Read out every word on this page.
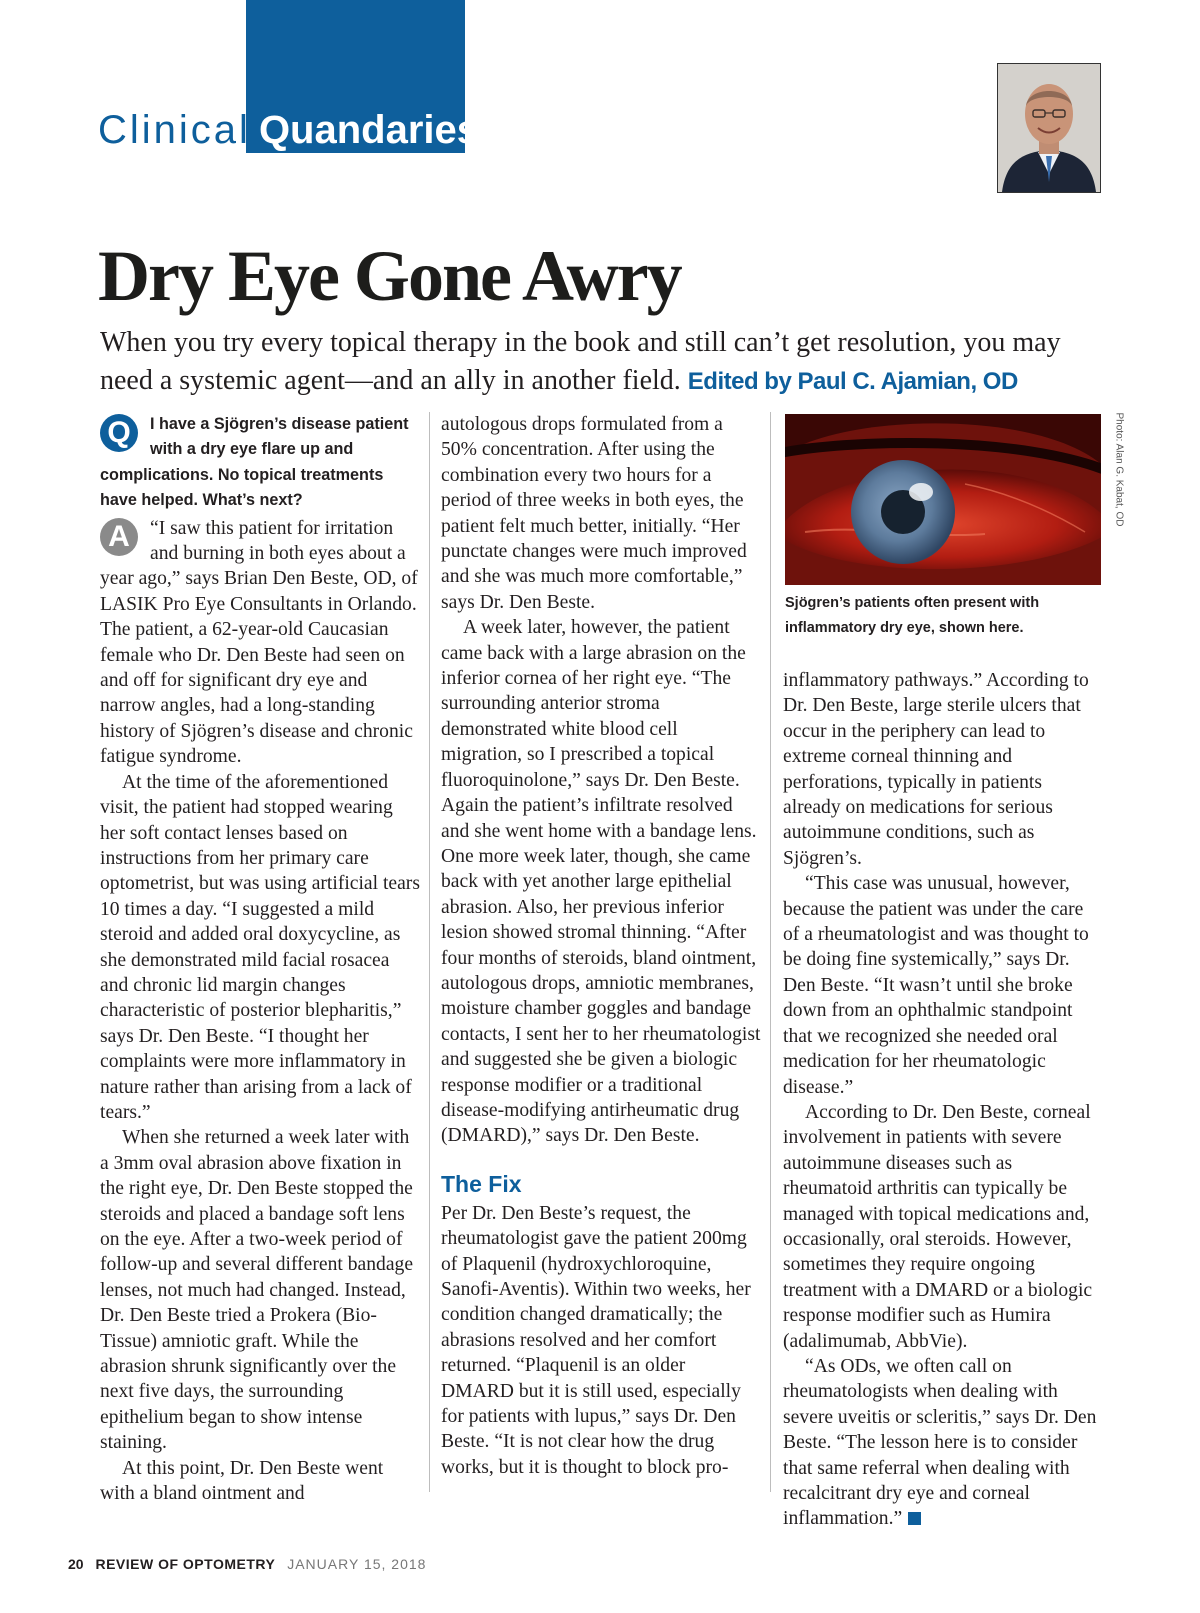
Clinical Quandaries
Dry Eye Gone Awry

When you try every topical therapy in the book and still can’t get resolution, you may need a systemic agent—and an ally in another field. Edited by Paul C. Ajamian, OD

Q	I have a Sjögren’s disease patient with a dry eye flare up and complications. No topical treatments have helped. What’s next?

A	“I saw this patient for irritation and burning in both eyes about a year ago,” says Brian Den Beste, OD, of LASIK Pro Eye Consultants in Orlando. The patient, a 62-year-old Caucasian female who Dr. Den Beste had seen on and off for significant dry eye and narrow angles, had a long-standing history of Sjögren’s disease and chronic fatigue syndrome.

At the time of the aforementioned visit, the patient had stopped wearing her soft contact lenses based on instructions from her primary care optometrist, but was using artificial tears 10 times a day. “I suggested a mild steroid and added oral doxycycline, as she demonstrated mild facial rosacea and chronic lid margin changes characteristic of posterior blepharitis,” says Dr. Den Beste. “I thought her complaints were more inflammatory in nature rather than arising from a lack of tears.”

When she returned a week later with a 3mm oval abrasion above fixation in the right eye, Dr. Den Beste stopped the steroids and placed a bandage soft lens on the eye. After a two-week period of follow-up and several different bandage lenses, not much had changed. Instead, Dr. Den Beste tried a Prokera (Bio-Tissue) amniotic graft. While the abrasion shrunk significantly over the next five days, the surrounding epithelium began to show intense staining.

At this point, Dr. Den Beste went with a bland ointment and

autologous drops formulated from a 50% concentration. After using the combination every two hours for a period of three weeks in both eyes, the patient felt much better, initially. “Her punctate changes were much improved and she was much more comfortable,” says Dr. Den Beste.

A week later, however, the patient came back with a large abrasion on the inferior cornea of her right eye. “The surrounding anterior stroma demonstrated white blood cell migration, so I prescribed a topical fluoroquinolone,” says Dr. Den Beste. Again the patient’s infiltrate resolved and she went home with a bandage lens. One more week later, though, she came back with yet another large epithelial abrasion. Also, her previous inferior lesion showed stromal thinning. “After four months of steroids, bland ointment, autologous drops, amniotic membranes, moisture chamber goggles and bandage contacts, I sent her to her rheumatologist and suggested she be given a biologic response modifier or a traditional disease-modifying antirheumatic drug (DMARD),” says Dr. Den Beste.

The Fix

Per Dr. Den Beste’s request, the rheumatologist gave the patient 200mg of Plaquenil (hydroxychloroquine, Sanofi-Aventis). Within two weeks, her condition changed dramatically; the abrasions resolved and her comfort returned. “Plaquenil is an older DMARD but it is still used, especially for patients with lupus,” says Dr. Den Beste. “It is not clear how the drug works, but it is thought to block pro-

Photo: Alan G. Kabat, OD

Sjögren’s patients often present with inflammatory dry eye, shown here.

inflammatory pathways.” According to Dr. Den Beste, large sterile ulcers that occur in the periphery can lead to extreme corneal thinning and perforations, typically in patients already on medications for serious autoimmune conditions, such as Sjögren’s.

“This case was unusual, however, because the patient was under the care of a rheumatologist and was thought to be doing fine systemically,” says Dr. Den Beste. “It wasn’t until she broke down from an ophthalmic standpoint that we recognized she needed oral medication for her rheumatologic disease.”

According to Dr. Den Beste, corneal involvement in patients with severe autoimmune diseases such as rheumatoid arthritis can typically be managed with topical medications and, occasionally, oral steroids. However, sometimes they require ongoing treatment with a DMARD or a biologic response modifier such as Humira (adalimumab, AbbVie).

“As ODs, we often call on rheumatologists when dealing with severe uveitis or scleritis,” says Dr. Den Beste. “The lesson here is to consider that same referral when dealing with recalcitrant dry eye and corneal inflammation.”

20 REVIEW OF OPTOMETRY JANUARY 15, 2018
